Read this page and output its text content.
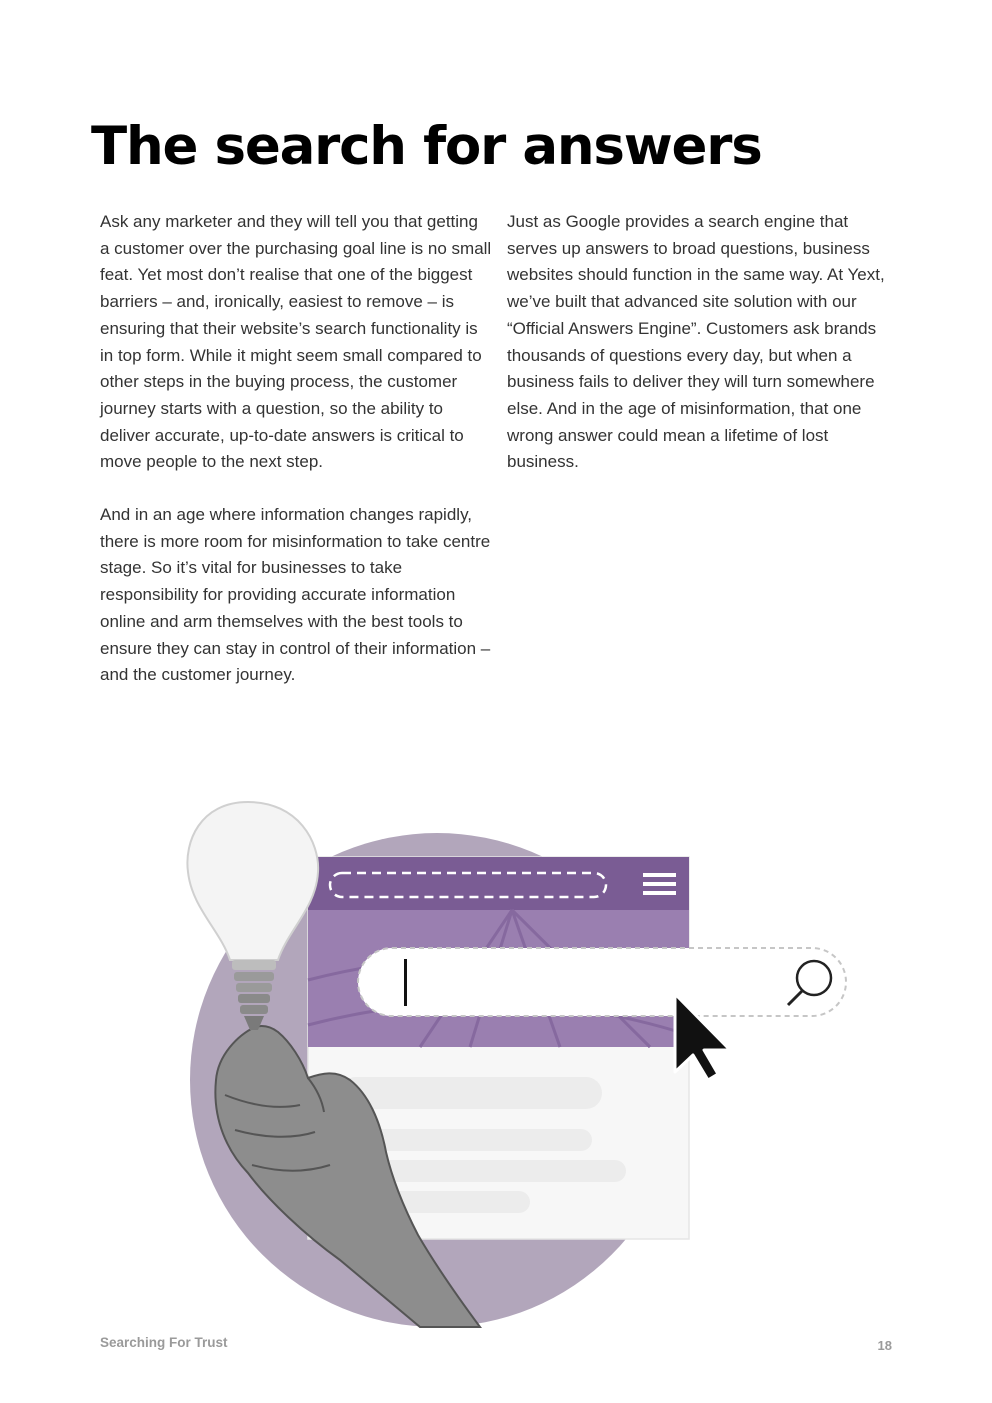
The search for answers

Ask any marketer and they will tell you that getting a customer over the purchasing goal line is no small feat. Yet most don’t realise that one of the biggest barriers – and, ironically, easiest to remove – is ensuring that their website’s search functionality is in top form. While it might seem small compared to other steps in the buying process, the customer journey starts with a question, so the ability to deliver accurate, up-to-date answers is critical to move people to the next step.

And in an age where information changes rapidly, there is more room for misinformation to take centre stage. So it’s vital for businesses to take responsibility for providing accurate information online and arm themselves with the best tools to ensure they can stay in control of their information – and the customer journey.

Just as Google provides a search engine that serves up answers to broad questions, business websites should function in the same way. At Yext, we’ve built that advanced site solution with our “Official Answers Engine”. Customers ask brands thousands of questions every day, but when a business fails to deliver they will turn somewhere else. And in the age of misinformation, that one wrong answer could mean a lifetime of lost business.

Searching For Trust	18
